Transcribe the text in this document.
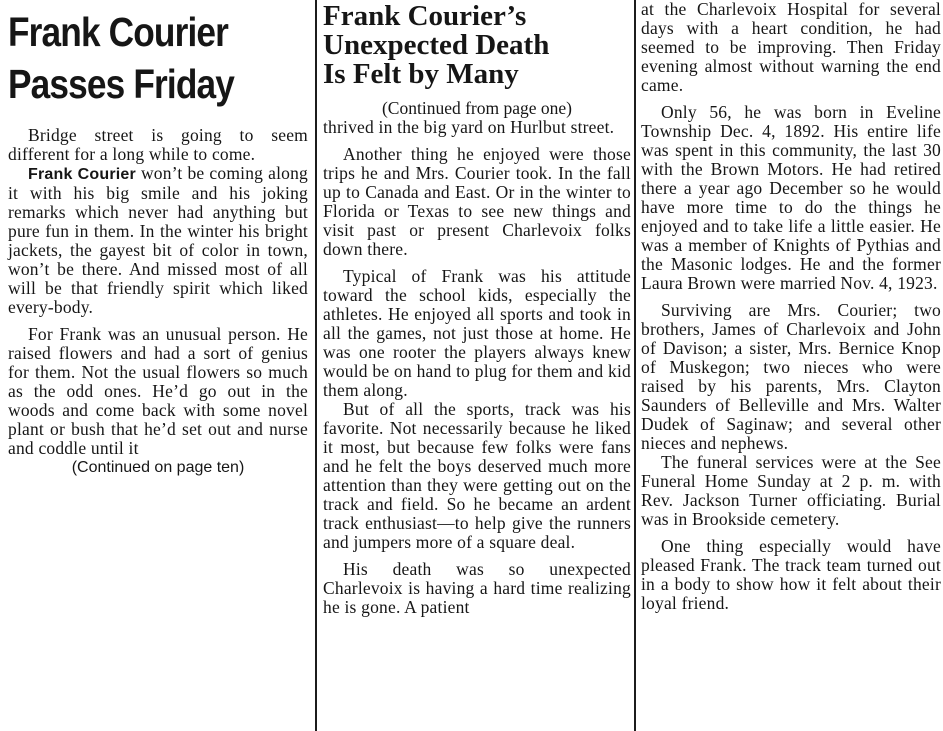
Frank Courier
Passes Friday

Bridge street is going to seem different for a long while to come.

Frank Courier won’t be coming along it with his big smile and his joking remarks which never had anything but pure fun in them. In the winter his bright jackets, the gayest bit of color in town, won’t be there. And missed most of all will be that friendly spirit which liked every-body.

For Frank was an unusual person. He raised flowers and had a sort of genius for them. Not the usual flowers so much as the odd ones. He’d go out in the woods and come back with some novel plant or bush that he’d set out and nurse and coddle until it

(Continued on page ten)

Frank Courier’s
Unexpected Death
Is Felt by Many

(Continued from page one)

thrived in the big yard on Hurlbut street.

Another thing he enjoyed were those trips he and Mrs. Courier took. In the fall up to Canada and East. Or in the winter to Florida or Texas to see new things and visit past or present Charlevoix folks down there.

Typical of Frank was his attitude toward the school kids, especially the athletes. He enjoyed all sports and took in all the games, not just those at home. He was one rooter the players always knew would be on hand to plug for them and kid them along.

But of all the sports, track was his favorite. Not necessarily because he liked it most, but because few folks were fans and he felt the boys deserved much more attention than they were getting out on the track and field. So he became an ardent track enthusiast—to help give the runners and jumpers more of a square deal.

His death was so unexpected Charlevoix is having a hard time realizing he is gone. A patient

at the Charlevoix Hospital for several days with a heart condition, he had seemed to be improving. Then Friday evening almost without warning the end came.

Only 56, he was born in Eveline Township Dec. 4, 1892. His entire life was spent in this community, the last 30 with the Brown Motors. He had retired there a year ago December so he would have more time to do the things he enjoyed and to take life a little easier. He was a member of Knights of Pythias and the Masonic lodges. He and the former Laura Brown were married Nov. 4, 1923.

Surviving are Mrs. Courier; two brothers, James of Charlevoix and John of Davison; a sister, Mrs. Bernice Knop of Muskegon; two nieces who were raised by his parents, Mrs. Clayton Saunders of Belleville and Mrs. Walter Dudek of Saginaw; and several other nieces and nephews.

The funeral services were at the See Funeral Home Sunday at 2 p. m. with Rev. Jackson Turner officiating. Burial was in Brookside cemetery.

One thing especially would have pleased Frank. The track team turned out in a body to show how it felt about their loyal friend.
